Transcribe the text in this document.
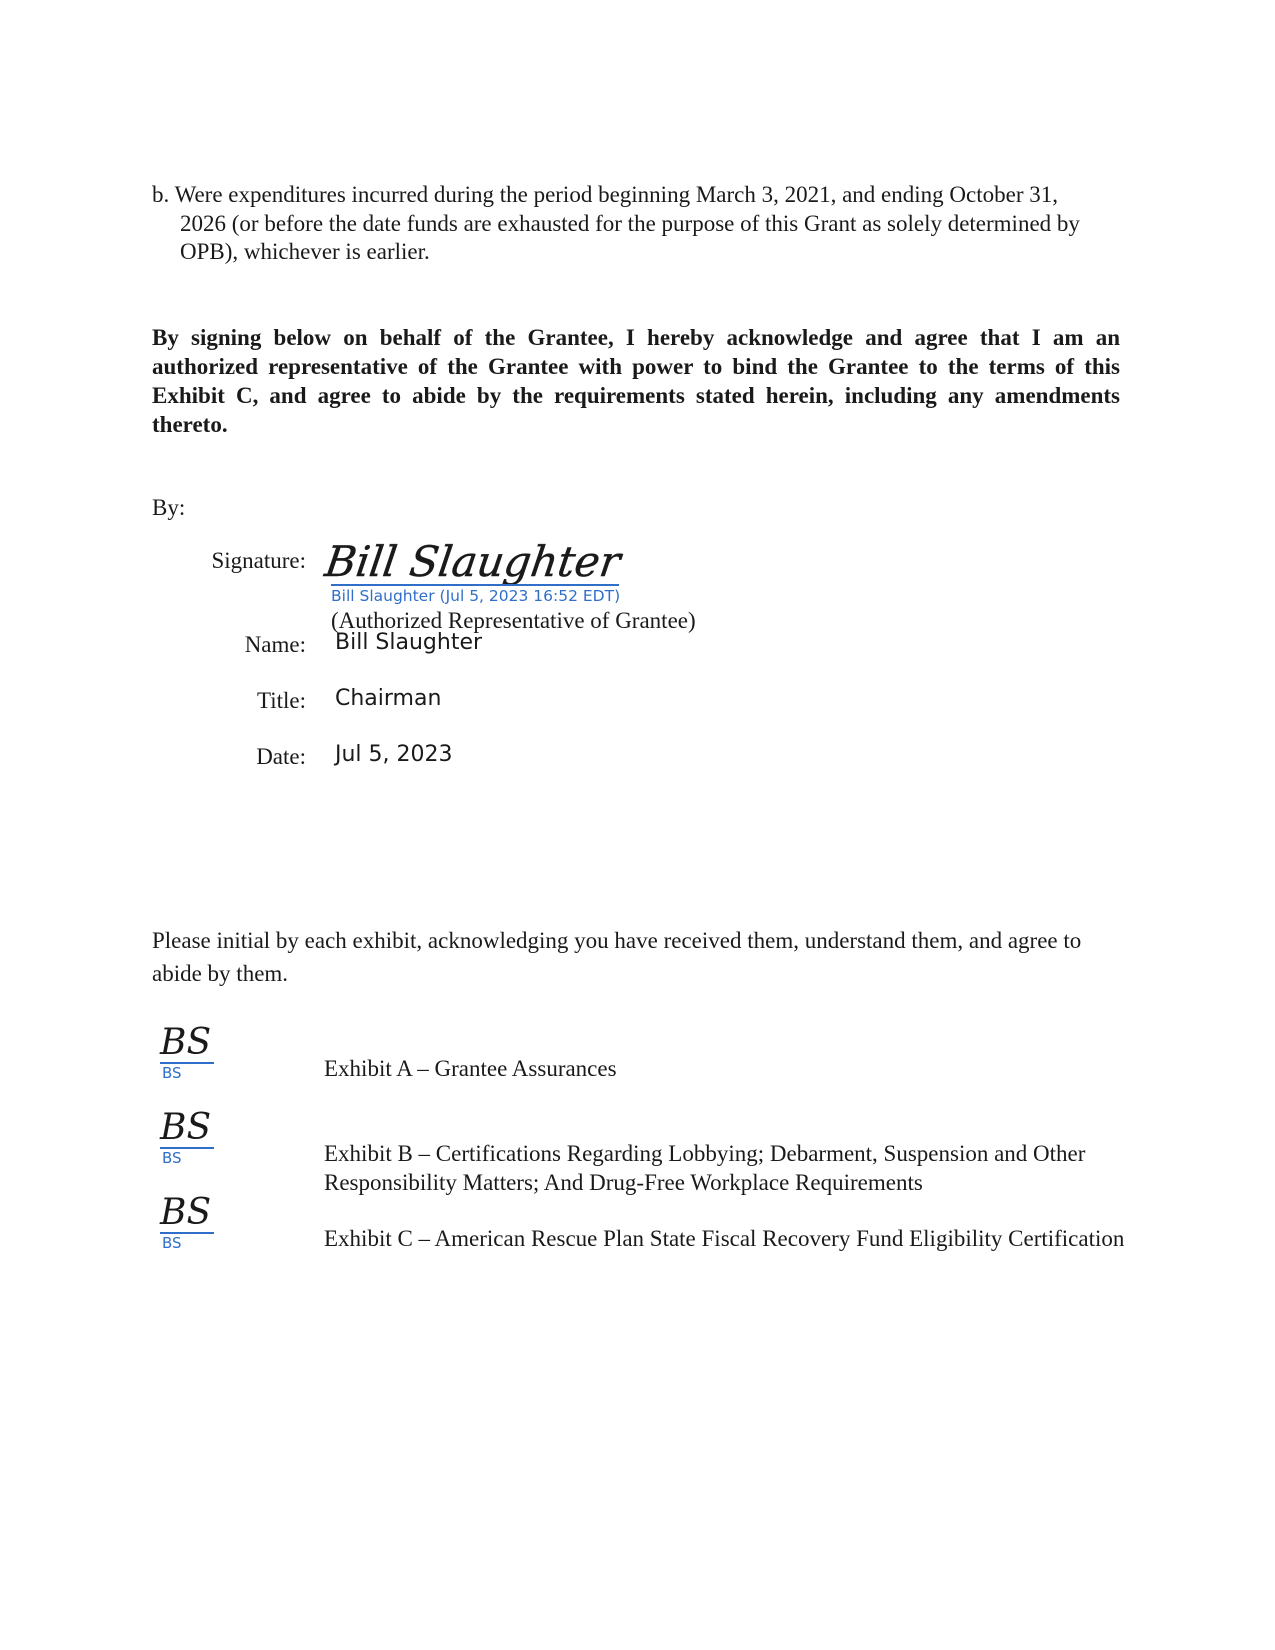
b. Were expenditures incurred during the period beginning March 3, 2021, and ending October 31,
2026 (or before the date funds are exhausted for the purpose of this Grant as solely determined by OPB), whichever is earlier.
By signing below on behalf of the Grantee, I hereby acknowledge and agree that I am an authorized representative of the Grantee with power to bind the Grantee to the terms of this Exhibit C, and agree to abide by the requirements stated herein, including any amendments thereto.
By:
Signature: Bill Slaughter
Bill Slaughter (Jul 5, 2023 16:52 EDT)
(Authorized Representative of Grantee)
Name: Bill Slaughter
Title: Chairman
Date: Jul 5, 2023
Please initial by each exhibit, acknowledging you have received them, understand them, and agree to abide by them.
BS
BS	Exhibit A – Grantee Assurances
BS
BS	Exhibit B – Certifications Regarding Lobbying; Debarment, Suspension and Other Responsibility Matters; And Drug-Free Workplace Requirements
BS
BS	Exhibit C – American Rescue Plan State Fiscal Recovery Fund Eligibility Certification
